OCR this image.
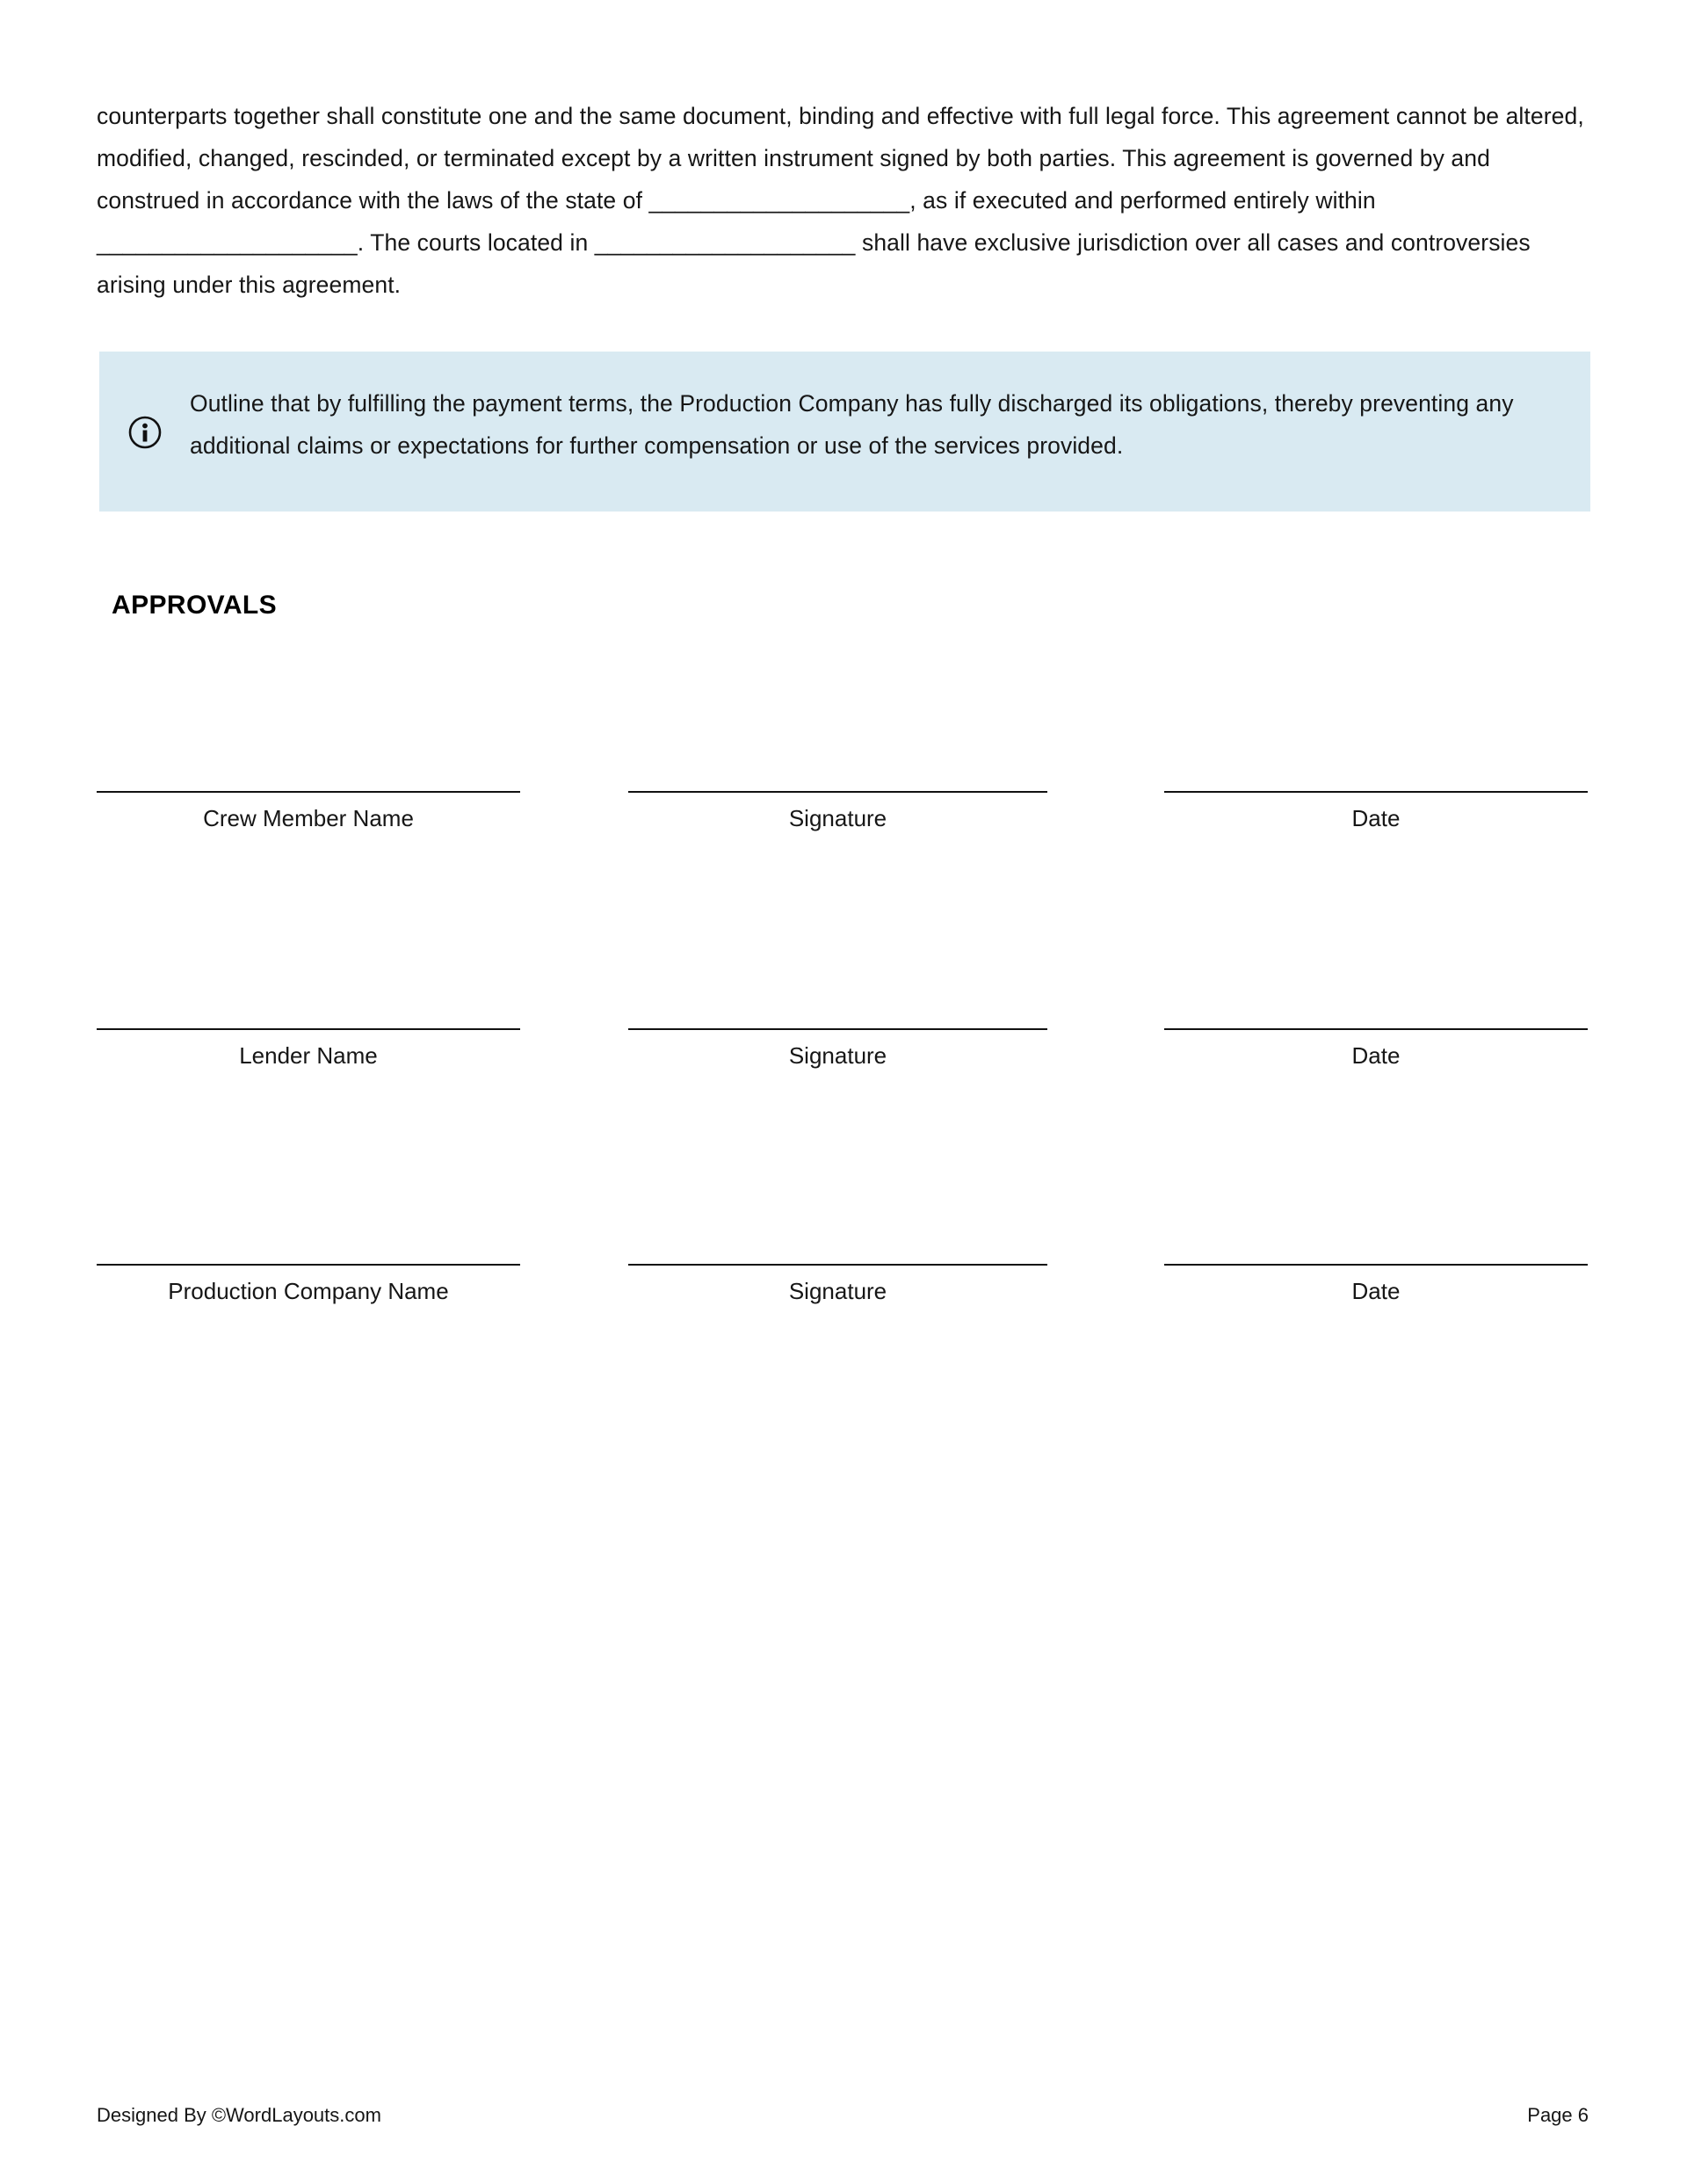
counterparts together shall constitute one and the same document, binding and effective with full legal force. This agreement cannot be altered, modified, changed, rescinded, or terminated except by a written instrument signed by both parties. This agreement is governed by and construed in accordance with the laws of the state of ____________________, as if executed and performed entirely within ____________________. The courts located in ____________________ shall have exclusive jurisdiction over all cases and controversies arising under this agreement.
Outline that by fulfilling the payment terms, the Production Company has fully discharged its obligations, thereby preventing any additional claims or expectations for further compensation or use of the services provided.
APPROVALS
Crew Member Name	Signature	Date
Lender Name	Signature	Date
Production Company Name	Signature	Date
Designed By ©WordLayouts.com	Page 6
